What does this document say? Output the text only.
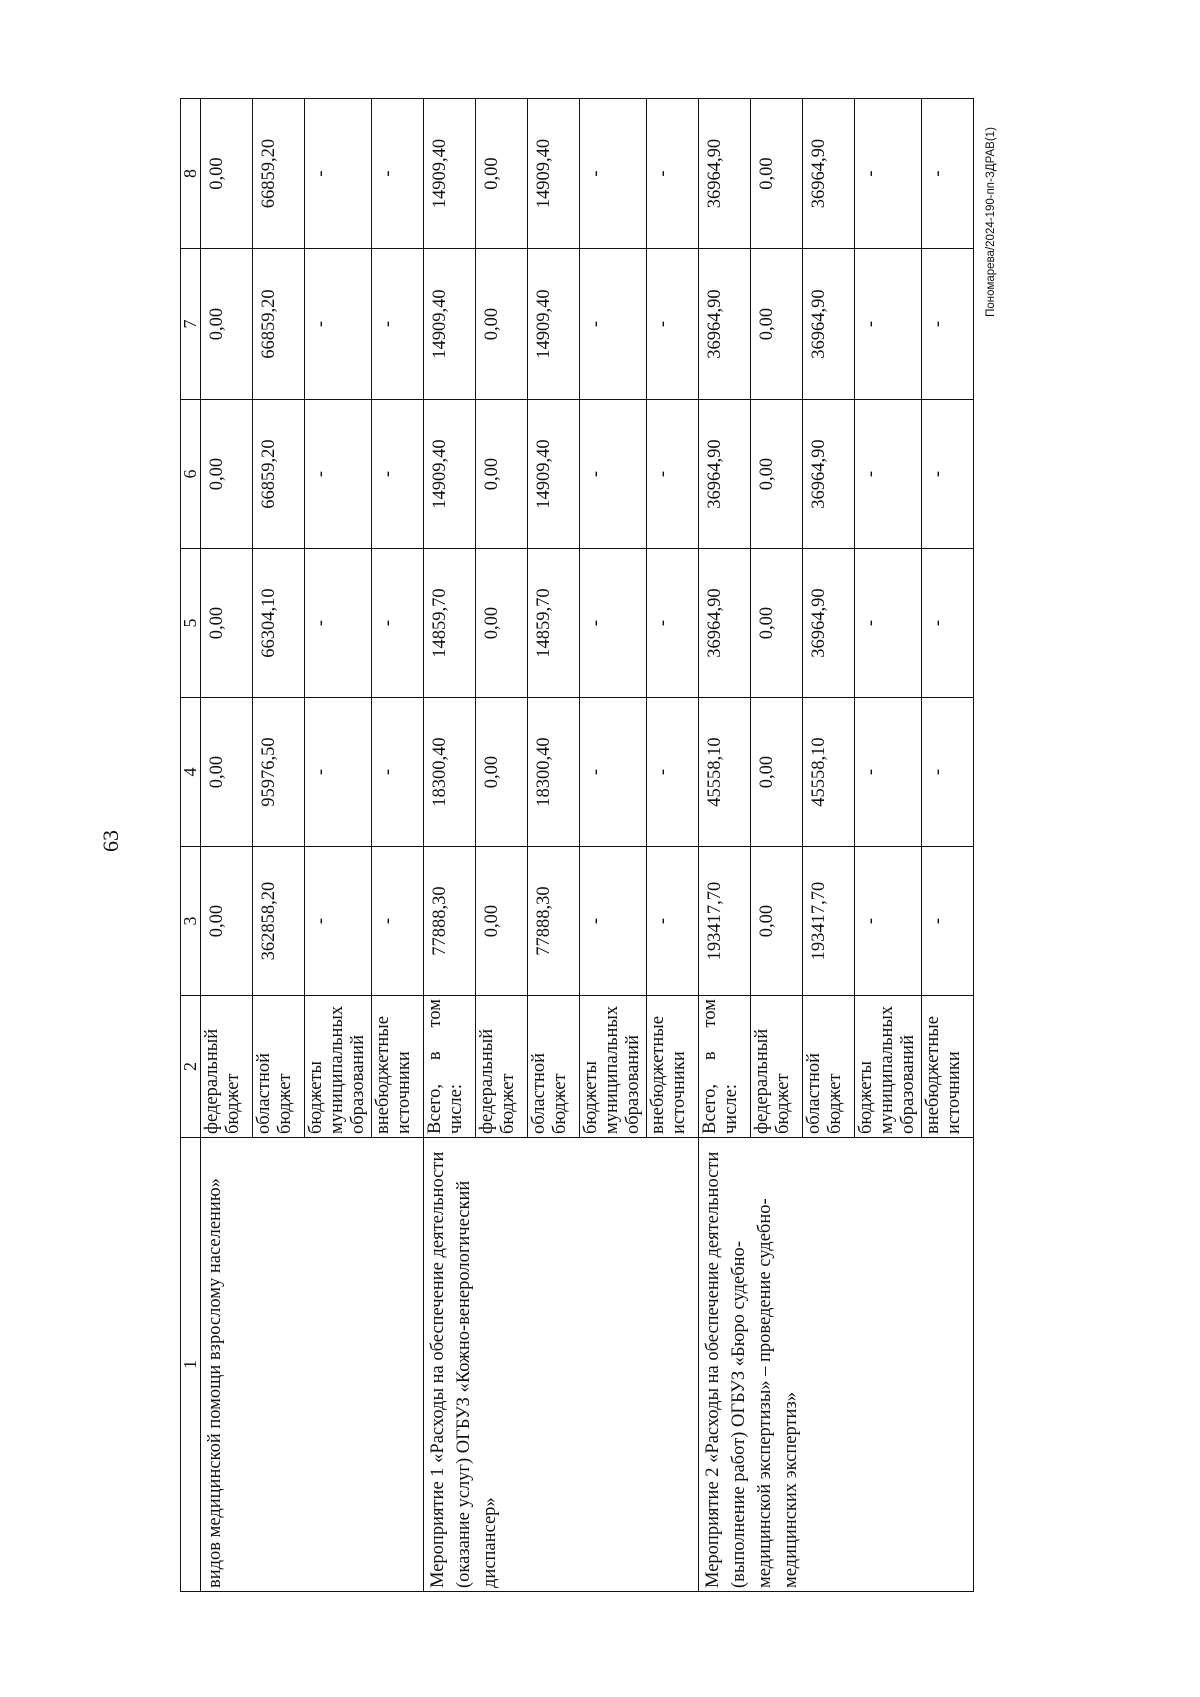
63
Пономарева/2024-190-пп-ЗДРАВ(1)
1	2	3	4	5	6	7	8
видов медицинской помощи взрослому населению»	федеральный бюджет	0,00	0,00	0,00	0,00	0,00	0,00
	областной бюджет	362858,20	95976,50	66304,10	66859,20	66859,20	66859,20
	бюджеты муниципальных образований	-	-	-	-	-	-
	внебюджетные источники	-	-	-	-	-	-
Мероприятие 1 «Расходы на обеспечение деятельности (оказание услуг) ОГБУЗ «Кожно-венерологический диспансер»	Всего, в том числе:	77888,30	18300,40	14859,70	14909,40	14909,40	14909,40
	федеральный бюджет	0,00	0,00	0,00	0,00	0,00	0,00
	областной бюджет	77888,30	18300,40	14859,70	14909,40	14909,40	14909,40
	бюджеты муниципальных образований	-	-	-	-	-	-
	внебюджетные источники	-	-	-	-	-	-
Мероприятие 2 «Расходы на обеспечение деятельности (выполнение работ) ОГБУЗ «Бюро судебно-медицинской экспертизы» – проведение судебно-медицинских экспертиз»	Всего, в том числе:	193417,70	45558,10	36964,90	36964,90	36964,90	36964,90
	федеральный бюджет	0,00	0,00	0,00	0,00	0,00	0,00
	областной бюджет	193417,70	45558,10	36964,90	36964,90	36964,90	36964,90
	бюджеты муниципальных образований	-	-	-	-	-	-
	внебюджетные источники	-	-	-	-	-	-
